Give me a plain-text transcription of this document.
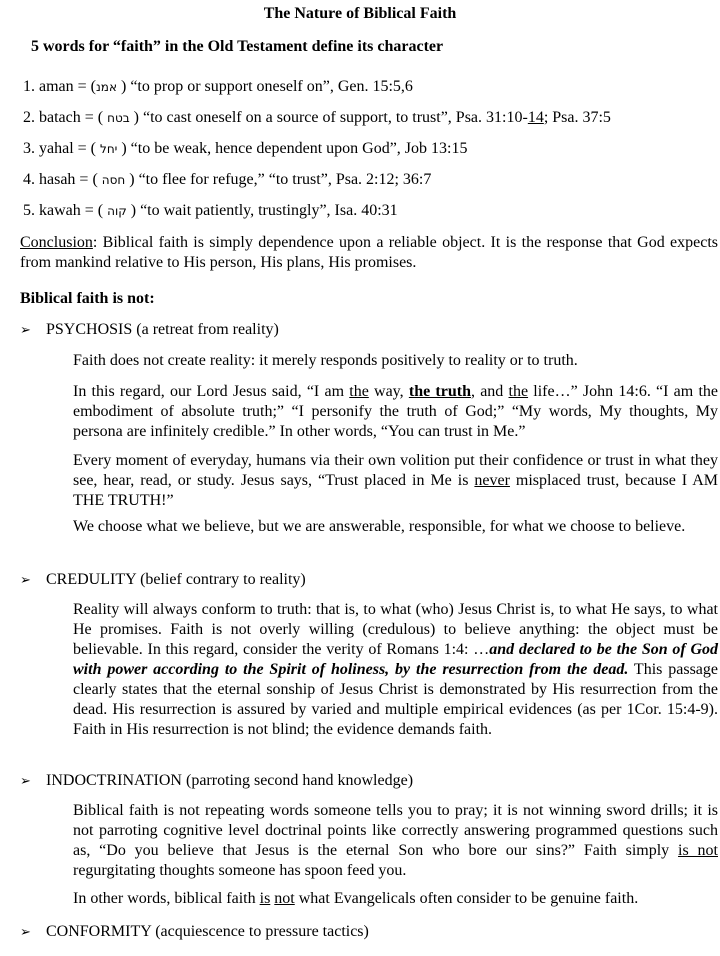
The Nature of Biblical Faith
5 words for “faith” in the Old Testament define its character
1. aman = (אמנ ) “to prop or support oneself on”, Gen. 15:5,6
2. batach = ( בטח ) “to cast oneself on a source of support, to trust”, Psa. 31:10-14; Psa. 37:5
3. yahal = ( יחל ) “to be weak, hence dependent upon God”, Job 13:15
4. hasah = ( חסה ) “to flee for refuge,” “to trust”, Psa. 2:12; 36:7
5. kawah = ( קוה ) “to wait patiently, trustingly”, Isa. 40:31
Conclusion: Biblical faith is simply dependence upon a reliable object. It is the response that God expects from mankind relative to His person, His plans, His promises.
Biblical faith is not:
➢ PSYCHOSIS (a retreat from reality)
Faith does not create reality: it merely responds positively to reality or to truth.
In this regard, our Lord Jesus said, “I am the way, the truth, and the life…” John 14:6. “I am the embodiment of absolute truth;” “I personify the truth of God;” “My words, My thoughts, My persona are infinitely credible.” In other words, “You can trust in Me.”
Every moment of everyday, humans via their own volition put their confidence or trust in what they see, hear, read, or study. Jesus says, “Trust placed in Me is never misplaced trust, because I AM THE TRUTH!”
We choose what we believe, but we are answerable, responsible, for what we choose to believe.
➢ CREDULITY (belief contrary to reality)
Reality will always conform to truth: that is, to what (who) Jesus Christ is, to what He says, to what He promises. Faith is not overly willing (credulous) to believe anything: the object must be believable. In this regard, consider the verity of Romans 1:4: …and declared to be the Son of God with power according to the Spirit of holiness, by the resurrection from the dead. This passage clearly states that the eternal sonship of Jesus Christ is demonstrated by His resurrection from the dead. His resurrection is assured by varied and multiple empirical evidences (as per 1Cor. 15:4-9). Faith in His resurrection is not blind; the evidence demands faith.
➢ INDOCTRINATION (parroting second hand knowledge)
Biblical faith is not repeating words someone tells you to pray; it is not winning sword drills; it is not parroting cognitive level doctrinal points like correctly answering programmed questions such as, “Do you believe that Jesus is the eternal Son who bore our sins?” Faith simply is not regurgitating thoughts someone has spoon feed you.
In other words, biblical faith is not what Evangelicals often consider to be genuine faith.
➢ CONFORMITY (acquiescence to pressure tactics)
